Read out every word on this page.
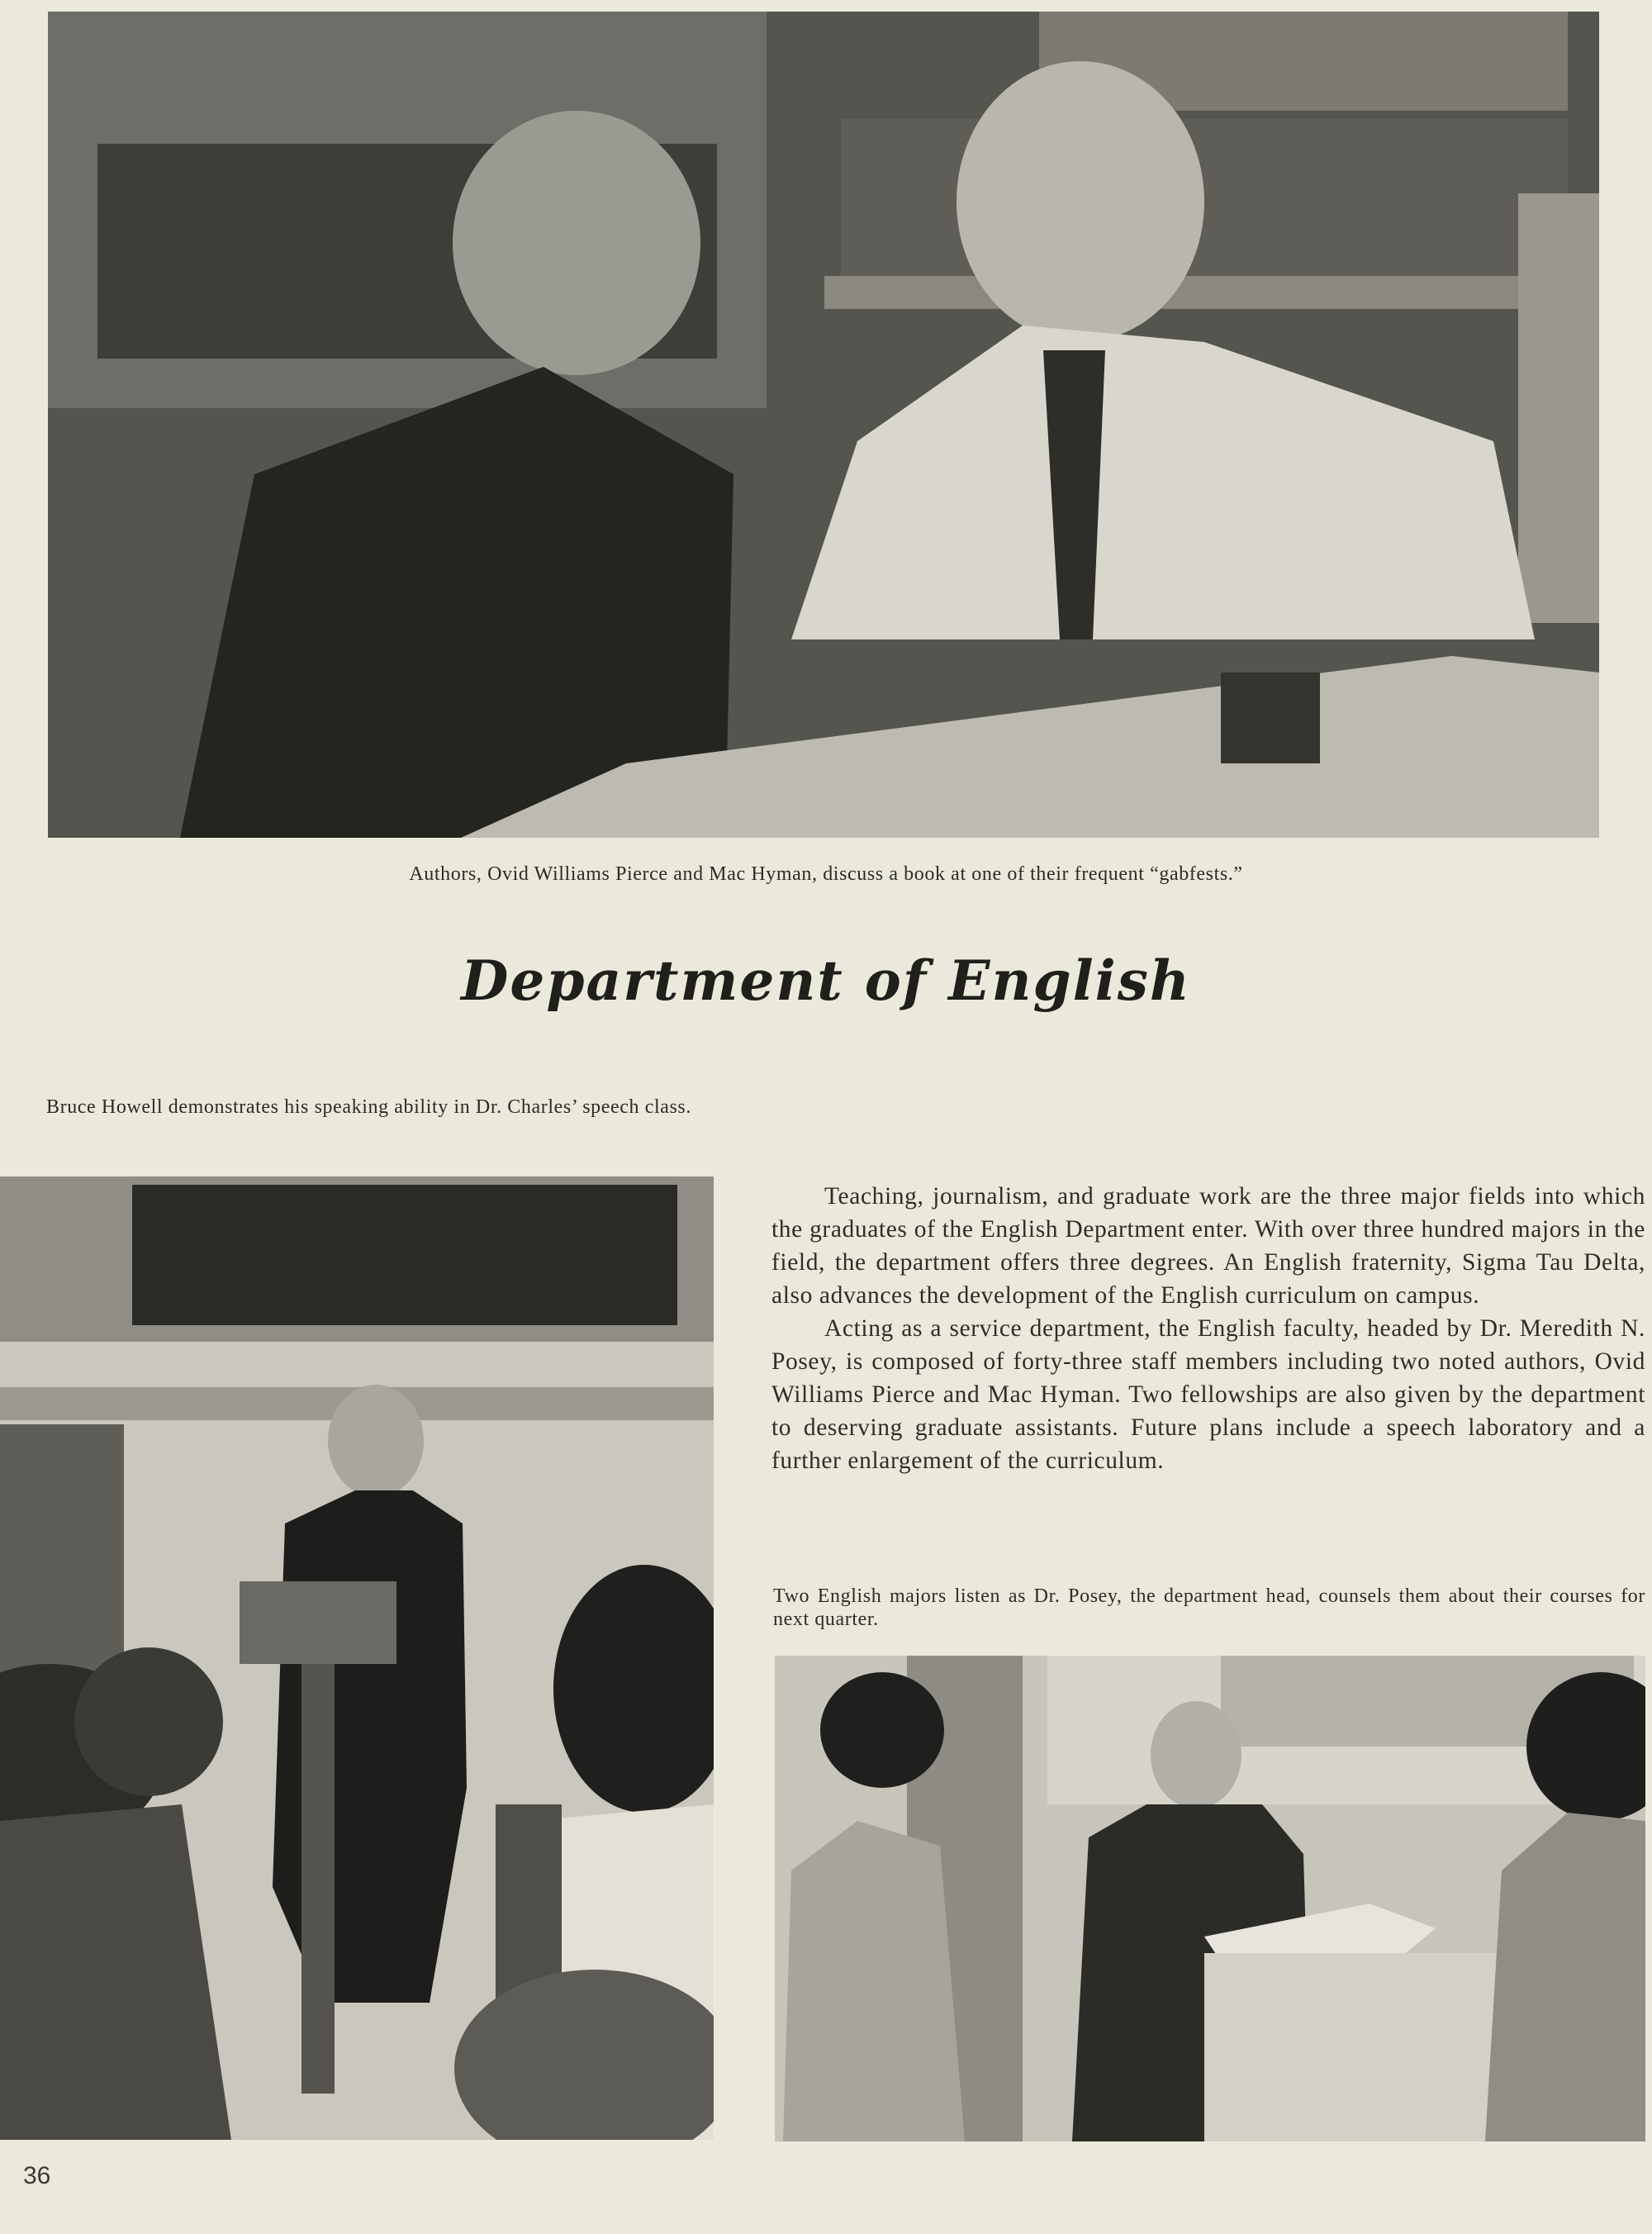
Authors, Ovid Williams Pierce and Mac Hyman, discuss a book at one of their frequent “gabfests.”
Department of English
Bruce Howell demonstrates his speaking ability in Dr. Charles’ speech class.

Teaching, journalism, and graduate work are the three major fields into which the graduates of the English Department enter. With over three hundred majors in the field, the department offers three degrees. An English fraternity, Sigma Tau Delta, also advances the development of the English curriculum on campus.

Acting as a service department, the English faculty, headed by Dr. Meredith N. Posey, is composed of forty-three staff members including two noted authors, Ovid Williams Pierce and Mac Hyman. Two fellowships are also given by the department to deserving graduate assistants. Future plans include a speech laboratory and a further enlargement of the curriculum.

Two English majors listen as Dr. Posey, the department head, counsels them about their courses for next quarter.
36
